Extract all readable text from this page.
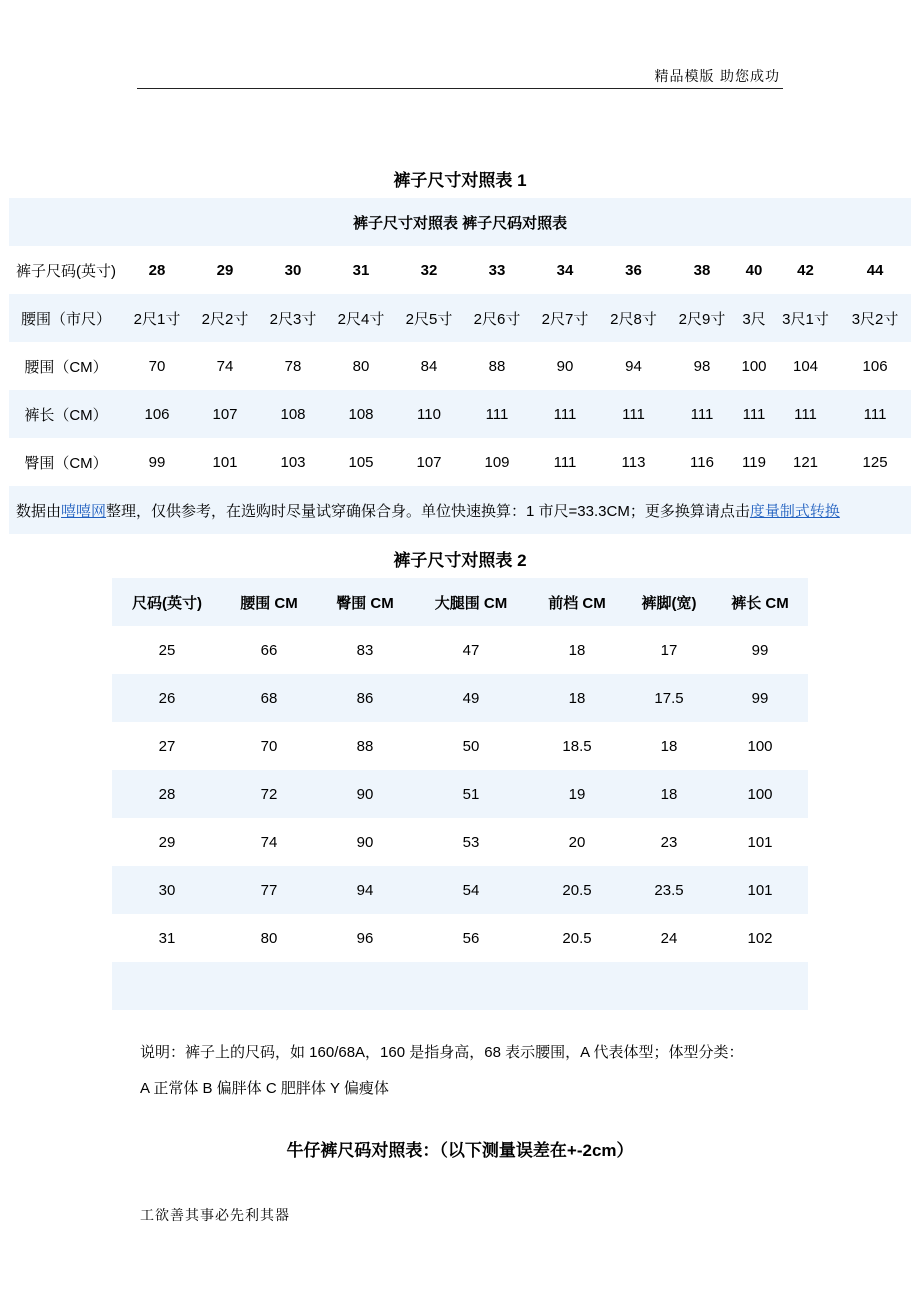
精品模版 助您成功
裤子尺寸对照表 1
裤子尺寸对照表 裤子尺码对照表												
裤子尺码(英寸)	28	29	30	31	32	33	34	36	38	40	42	44
腰围（市尺）	2尺1寸	2尺2寸	2尺3寸	2尺4寸	2尺5寸	2尺6寸	2尺7寸	2尺8寸	2尺9寸	3尺	3尺1寸	3尺2寸
腰围（CM）	70	74	78	80	84	88	90	94	98	100	104	106
裤长（CM）	106	107	108	108	110	111	111	111	111	111	111	111
臀围（CM）	99	101	103	105	107	109	111	113	116	119	121	125
数据由嘻嘻网整理，仅供参考，在选购时尽量试穿确保合身。单位快速换算：1 市尺=33.3CM；更多换算请点击度量制式转换												
裤子尺寸对照表 2
尺码(英寸)	腰围 CM	臀围 CM	大腿围 CM	前档 CM	裤脚(宽)	裤长 CM
25	66	83	47	18	17	99
26	68	86	49	18	17.5	99
27	70	88	50	18.5	18	100
28	72	90	51	19	18	100
29	74	90	53	20	23	101
30	77	94	54	20.5	23.5	101
31	80	96	56	20.5	24	102

说明：裤子上的尺码，如 160/68A，160 是指身高，68 表示腰围，A 代表体型；体型分类：
A 正常体 B 偏胖体 C 肥胖体 Y 偏瘦体
牛仔裤尺码对照表：（以下测量误差在+-2cm）
工欲善其事必先利其器
